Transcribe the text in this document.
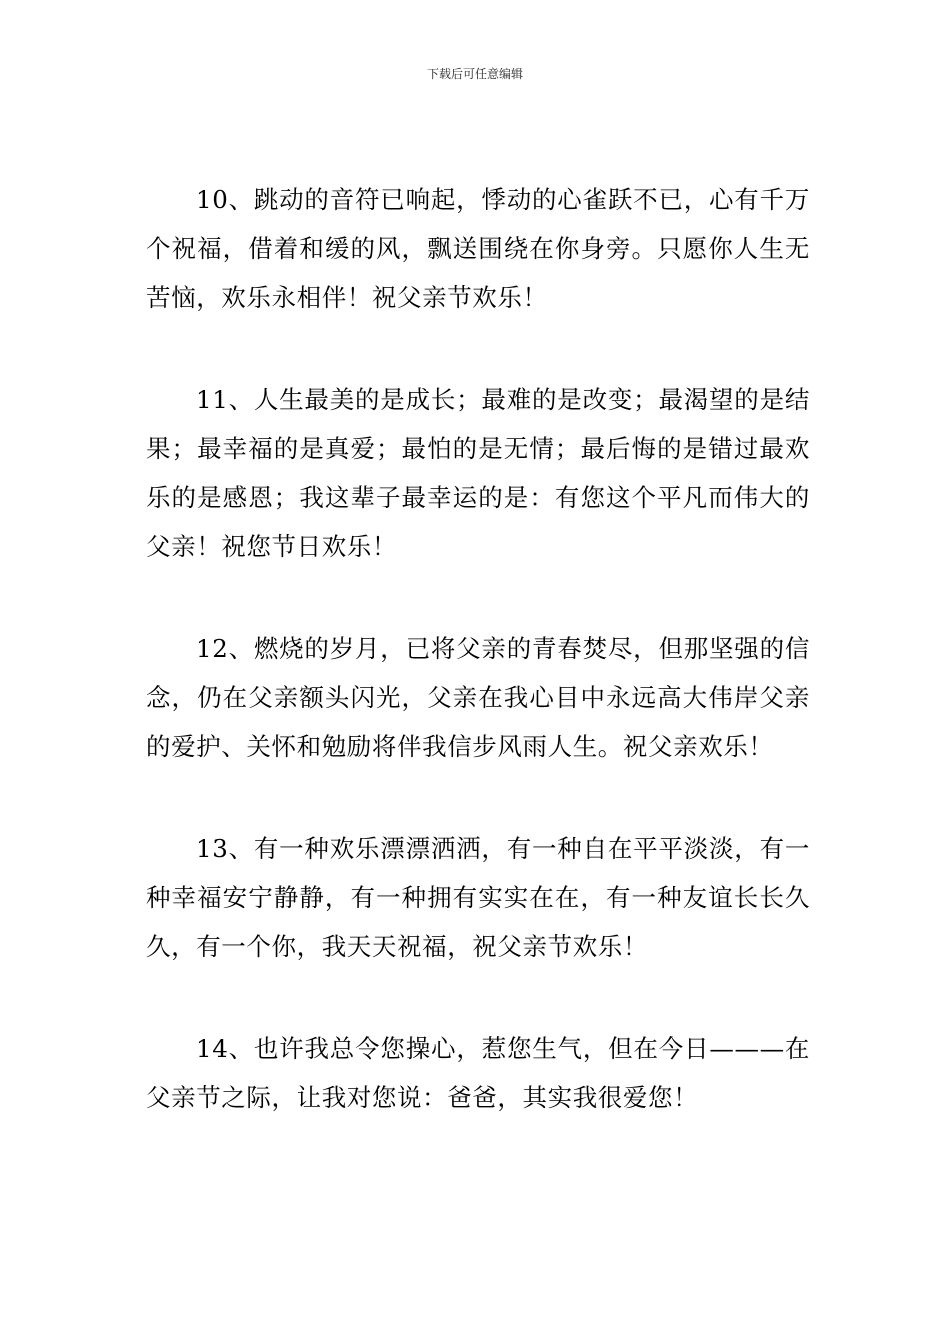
下载后可任意编辑

10、跳动的音符已响起，悸动的心雀跃不已，心有千万个祝福，借着和缓的风，飘送围绕在你身旁。只愿你人生无苦恼，欢乐永相伴！祝父亲节欢乐！

11、人生最美的是成长；最难的是改变；最渴望的是结果；最幸福的是真爱；最怕的是无情；最后悔的是错过最欢乐的是感恩；我这辈子最幸运的是：有您这个平凡而伟大的父亲！祝您节日欢乐！

12、燃烧的岁月，已将父亲的青春焚尽，但那坚强的信念，仍在父亲额头闪光，父亲在我心目中永远高大伟岸父亲的爱护、关怀和勉励将伴我信步风雨人生。祝父亲欢乐！

13、有一种欢乐漂漂洒洒，有一种自在平平淡淡，有一种幸福安宁静静，有一种拥有实实在在，有一种友谊长长久久，有一个你，我天天祝福，祝父亲节欢乐！

14、也许我总令您操心，惹您生气，但在今日———在父亲节之际，让我对您说：爸爸，其实我很爱您！
